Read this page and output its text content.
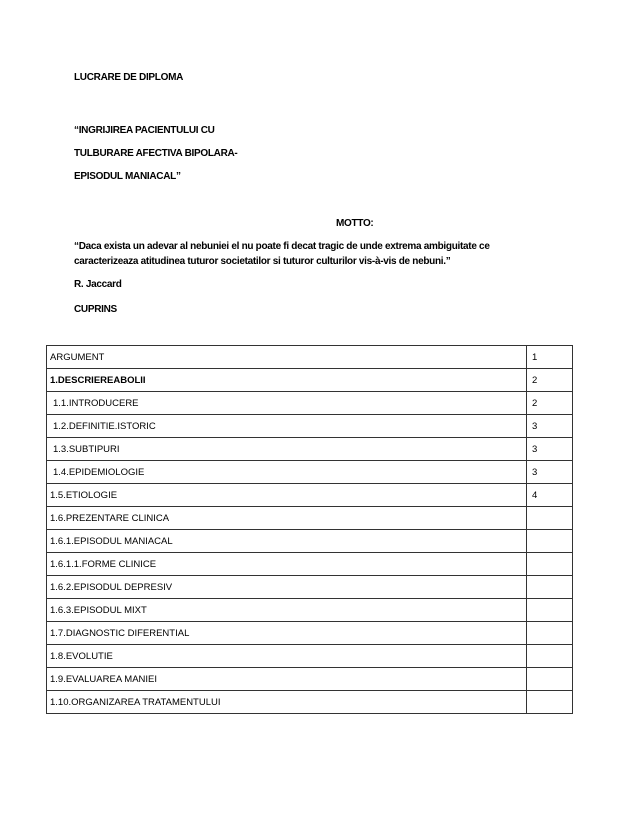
LUCRARE DE DIPLOMA
“INGRIJIREA PACIENTULUI CU
TULBURARE AFECTIVA BIPOLARA-
EPISODUL MANIACAL”
MOTTO:
“Daca exista un adevar al nebuniei el nu poate fi decat tragic de unde extrema ambiguitate ce
caracterizeaza atitudinea tuturor societatilor si tuturor culturilor vis-à-vis de nebuni.”
R. Jaccard
CUPRINS
ARGUMENT	1
1.DESCRIEREABOLII	2
1.1.INTRODUCERE	2
1.2.DEFINITIE.ISTORIC	3
1.3.SUBTIPURI	3
1.4.EPIDEMIOLOGIE	3
1.5.ETIOLOGIE	4
1.6.PREZENTARE CLINICA	
1.6.1.EPISODUL MANIACAL	
1.6.1.1.FORME CLINICE	
1.6.2.EPISODUL DEPRESIV	
1.6.3.EPISODUL MIXT	
1.7.DIAGNOSTIC DIFERENTIAL	
1.8.EVOLUTIE	
1.9.EVALUAREA MANIEI	
1.10.ORGANIZAREA TRATAMENTULUI	
